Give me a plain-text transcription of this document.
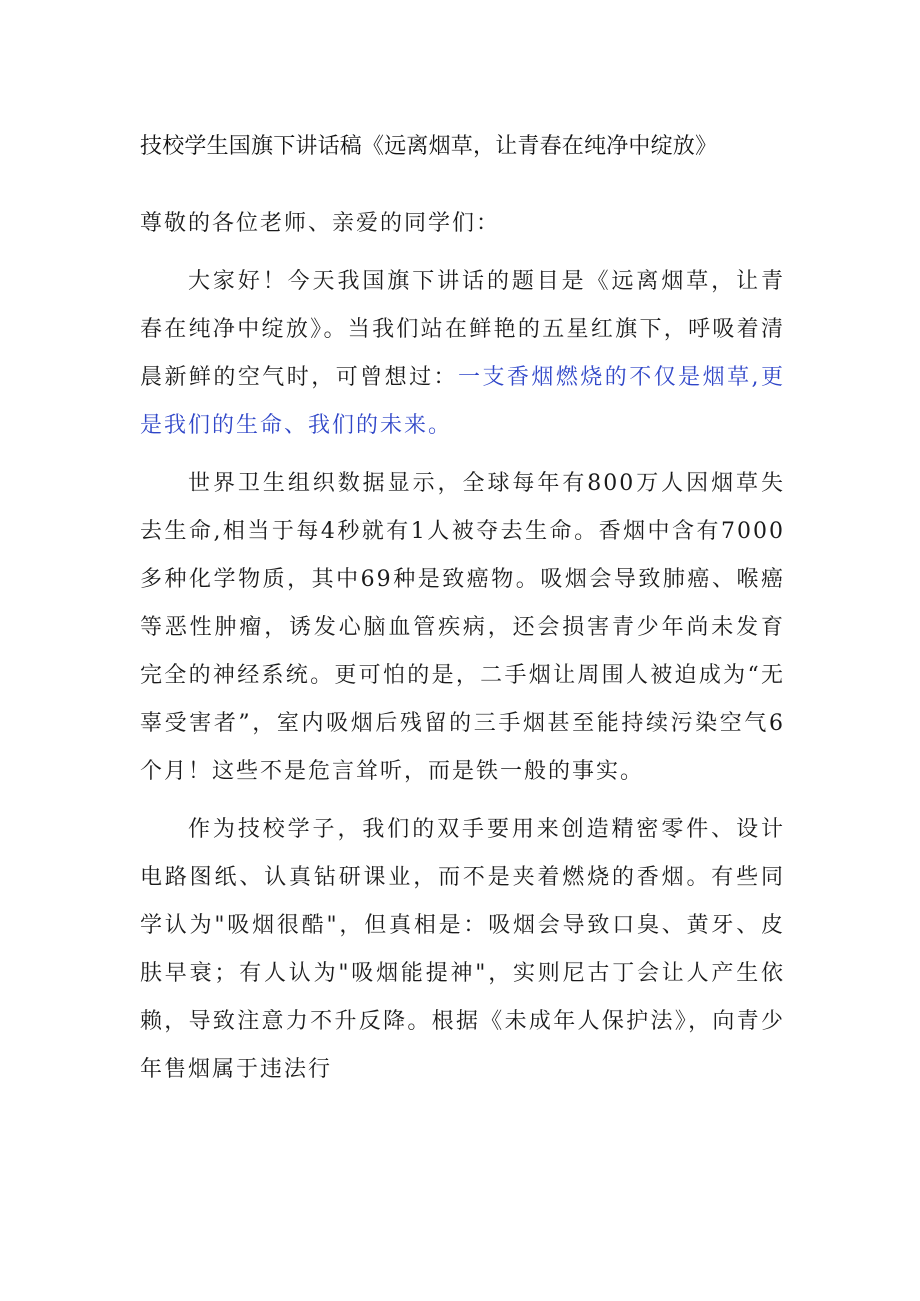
技校学生国旗下讲话稿《远离烟草，让青春在纯净中绽放》

尊敬的各位老师、亲爱的同学们：

大家好！今天我国旗下讲话的题目是《远离烟草，让青春在纯净中绽放》。当我们站在鲜艳的五星红旗下，呼吸着清晨新鲜的空气时，可曾想过：一支香烟燃烧的不仅是烟草,更是我们的生命、我们的未来。

世界卫生组织数据显示，全球每年有800万人因烟草失去生命,相当于每4秒就有1人被夺去生命。香烟中含有7000多种化学物质，其中69种是致癌物。吸烟会导致肺癌、喉癌等恶性肿瘤，诱发心脑血管疾病，还会损害青少年尚未发育完全的神经系统。更可怕的是，二手烟让周围人被迫成为“无辜受害者”，室内吸烟后残留的三手烟甚至能持续污染空气6个月！这些不是危言耸听，而是铁一般的事实。

作为技校学子，我们的双手要用来创造精密零件、设计电路图纸、认真钻研课业，而不是夹着燃烧的香烟。有些同学认为"吸烟很酷"，但真相是：吸烟会导致口臭、黄牙、皮肤早衰；有人认为"吸烟能提神"，实则尼古丁会让人产生依赖，导致注意力不升反降。根据《未成年人保护法》，向青少年售烟属于违法行
